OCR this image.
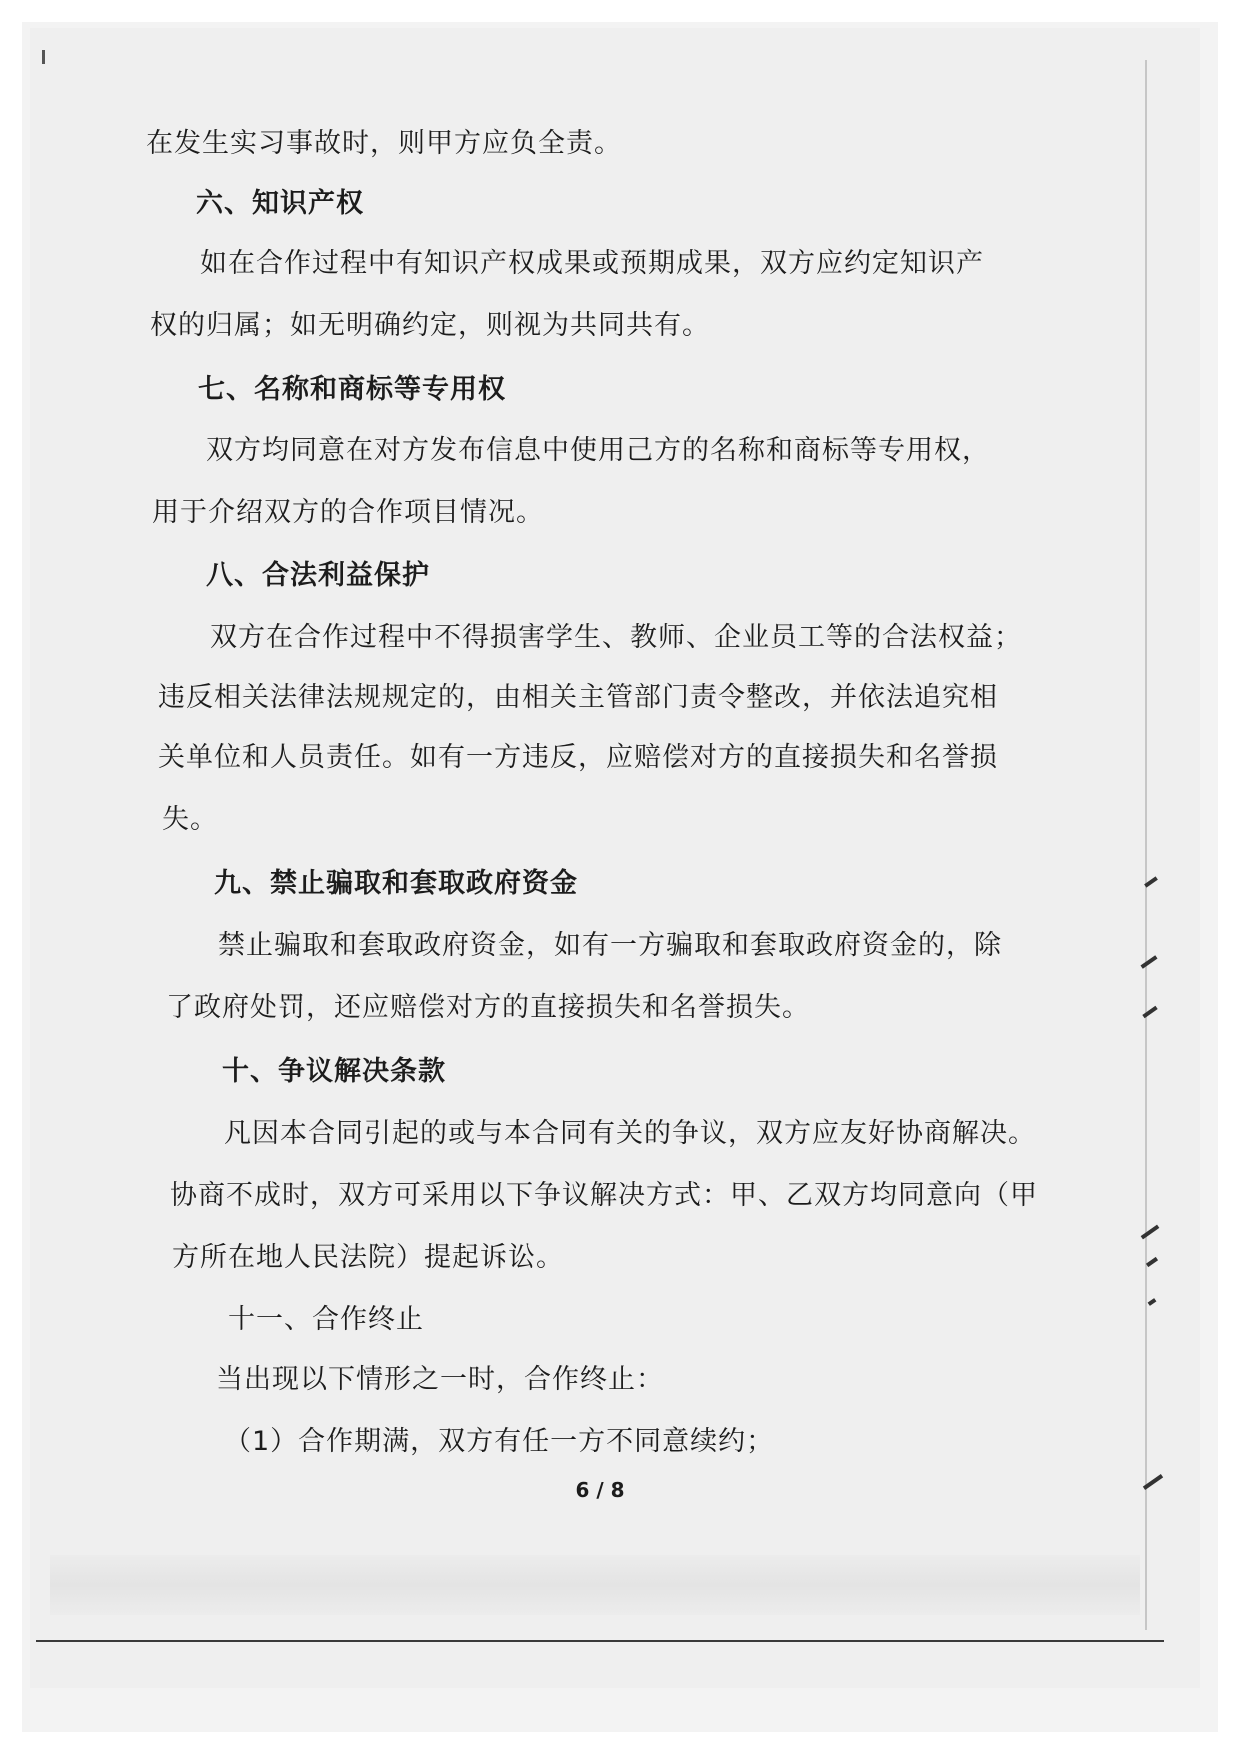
在发生实习事故时，则甲方应负全责。

六、知识产权

如在合作过程中有知识产权成果或预期成果，双方应约定知识产

权的归属；如无明确约定，则视为共同共有。

七、名称和商标等专用权

双方均同意在对方发布信息中使用己方的名称和商标等专用权，

用于介绍双方的合作项目情况。

八、合法利益保护

双方在合作过程中不得损害学生、教师、企业员工等的合法权益；

违反相关法律法规规定的，由相关主管部门责令整改，并依法追究相

关单位和人员责任。如有一方违反，应赔偿对方的直接损失和名誉损

失。

九、禁止骗取和套取政府资金

禁止骗取和套取政府资金，如有一方骗取和套取政府资金的，除

了政府处罚，还应赔偿对方的直接损失和名誉损失。

十、争议解决条款

凡因本合同引起的或与本合同有关的争议，双方应友好协商解决。

协商不成时，双方可采用以下争议解决方式：甲、乙双方均同意向（甲

方所在地人民法院）提起诉讼。

十一、合作终止

当出现以下情形之一时，合作终止：

（1）合作期满，双方有任一方不同意续约；

6 / 8
